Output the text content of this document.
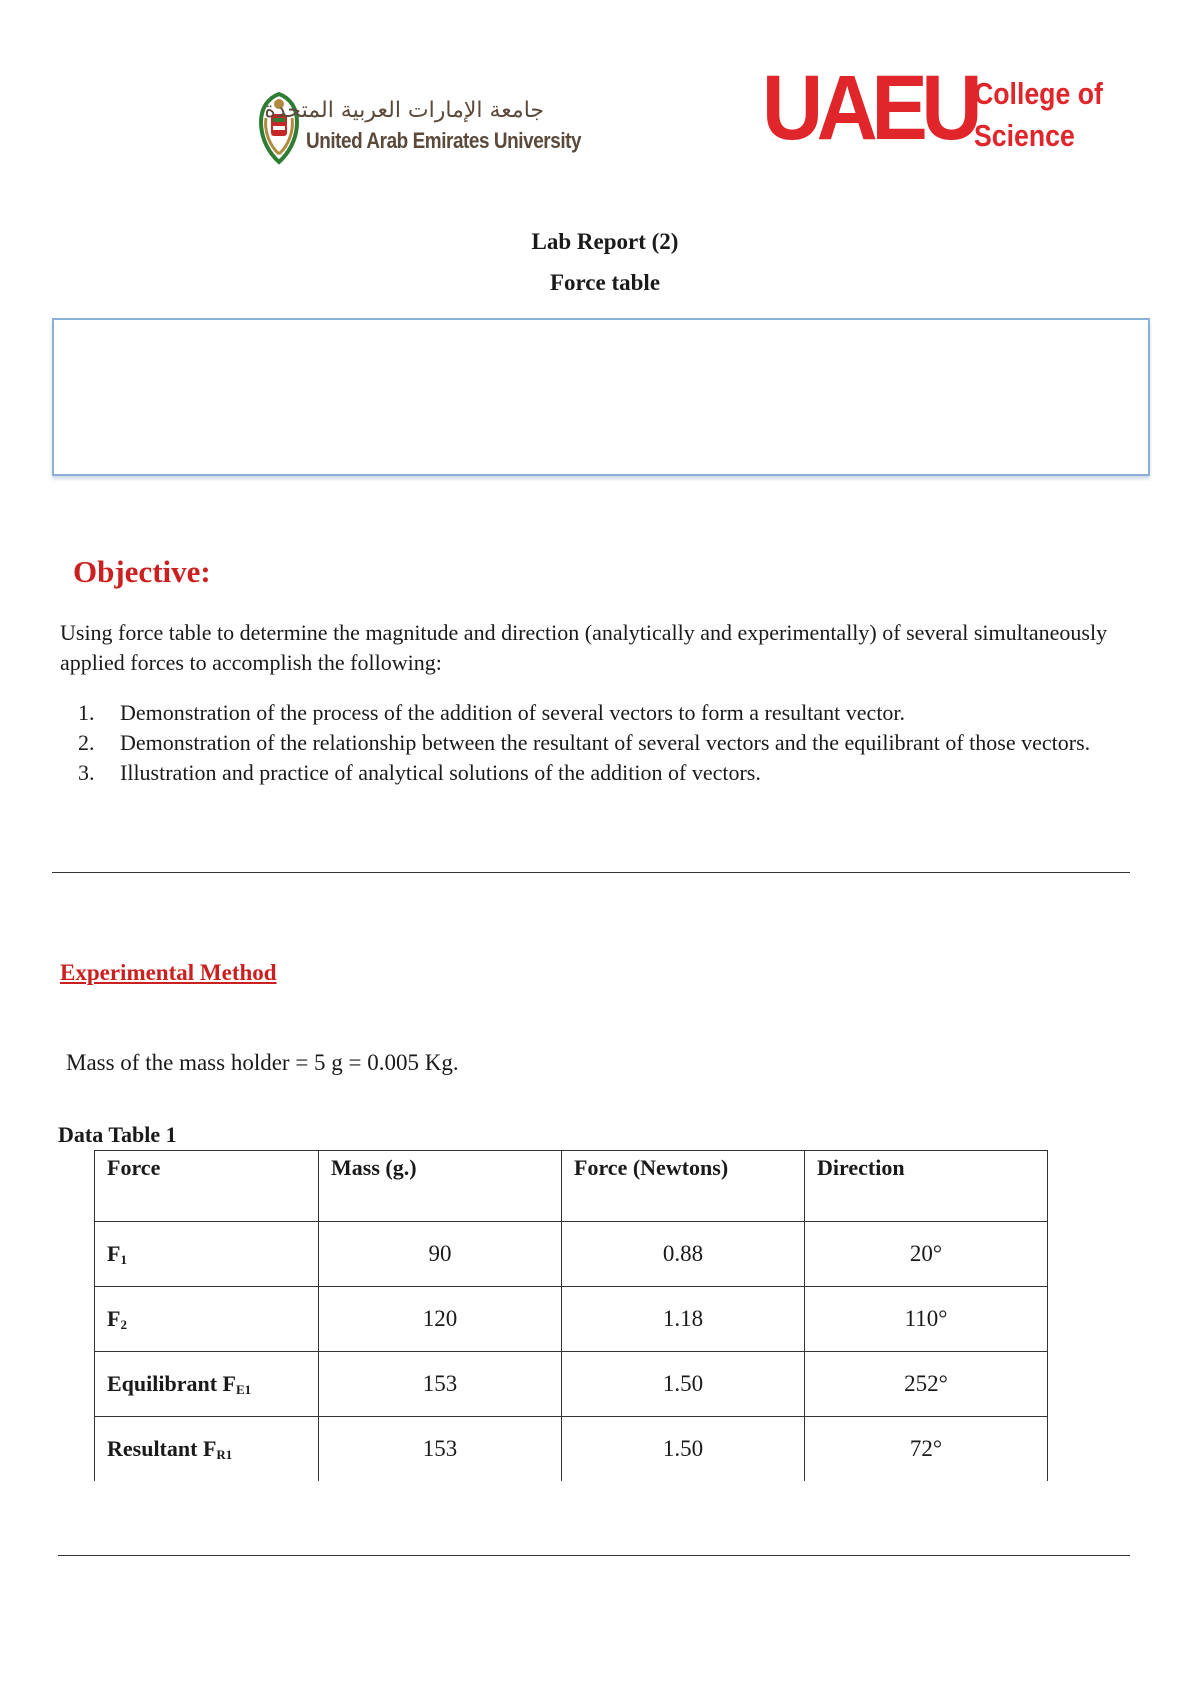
جامعة الإمارات العربية المتحدة
United Arab Emirates University UAEU
College of
Science
Lab Report (2)
Force table
Objective:
Using force table to determine the magnitude and direction (analytically and experimentally) of several simultaneously applied forces to accomplish the following:
1. Demonstration of the process of the addition of several vectors to form a resultant vector.
2. Demonstration of the relationship between the resultant of several vectors and the equilibrant of those vectors.
3. Illustration and practice of analytical solutions of the addition of vectors.
Experimental Method
Mass of the mass holder = 5 g = 0.005 Kg.
Data Table 1
Force	Mass (g.)	Force (Newtons)	Direction
$F_1$	90	0.88	20°
$F_2$	120	1.18	110°
Equilibrant $F_{E1}$	153	1.50	252°
Resultant $F_{R1}$	153	1.50	72°
